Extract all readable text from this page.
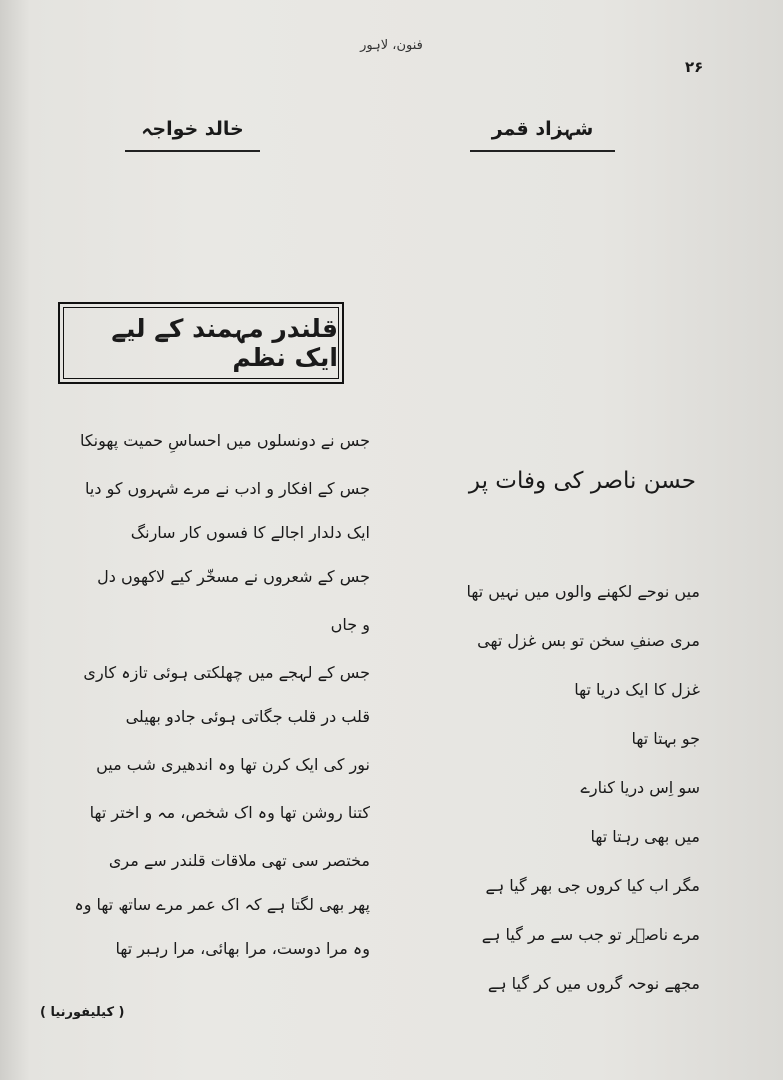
فنون، لاہور
۲۶
خالد خواجہ	شہزاد قمر
قلندر مہمند کے لیے ایک نظم
جس نے دونسلوں میں احساسِ حمیت پھونکا
جس کے افکار و ادب نے مرے شہروں کو دیا
ایک دلدار اجالے کا فسوں کار سارنگ
جس کے شعروں نے مسخّر کیے لاکھوں دل
و جاں
جس کے لہجے میں چھلکتی ہوئی تازہ کاری
قلب در قلب جگاتی ہوئی جادو بھیلی
نور کی ایک کرن تھا وہ اندھیری شب میں
کتنا روشن تھا وہ اک شخص، مہ و اختر تھا
مختصر سی تھی ملاقات قلندر سے مری
پھر بھی لگتا ہے کہ اک عمر مرے ساتھ تھا وہ
وہ مرا دوست، مرا بھائی، مرا رہبر تھا
( کیلیفورنیا )
حسن ناصر کی وفات پر
میں نوحے لکھنے والوں میں نہیں تھا
مری صنفِ سخن تو بس غزل تھی
غزل کا ایک دریا تھا
جو بہتا تھا
سو اِس دریا کنارے
میں بھی رہتا تھا
مگر اب کیا کروں جی بھر گیا ہے
مرے ناصؔر تو جب سے مر گیا ہے
مجھے نوحہ گروں میں کر گیا ہے
